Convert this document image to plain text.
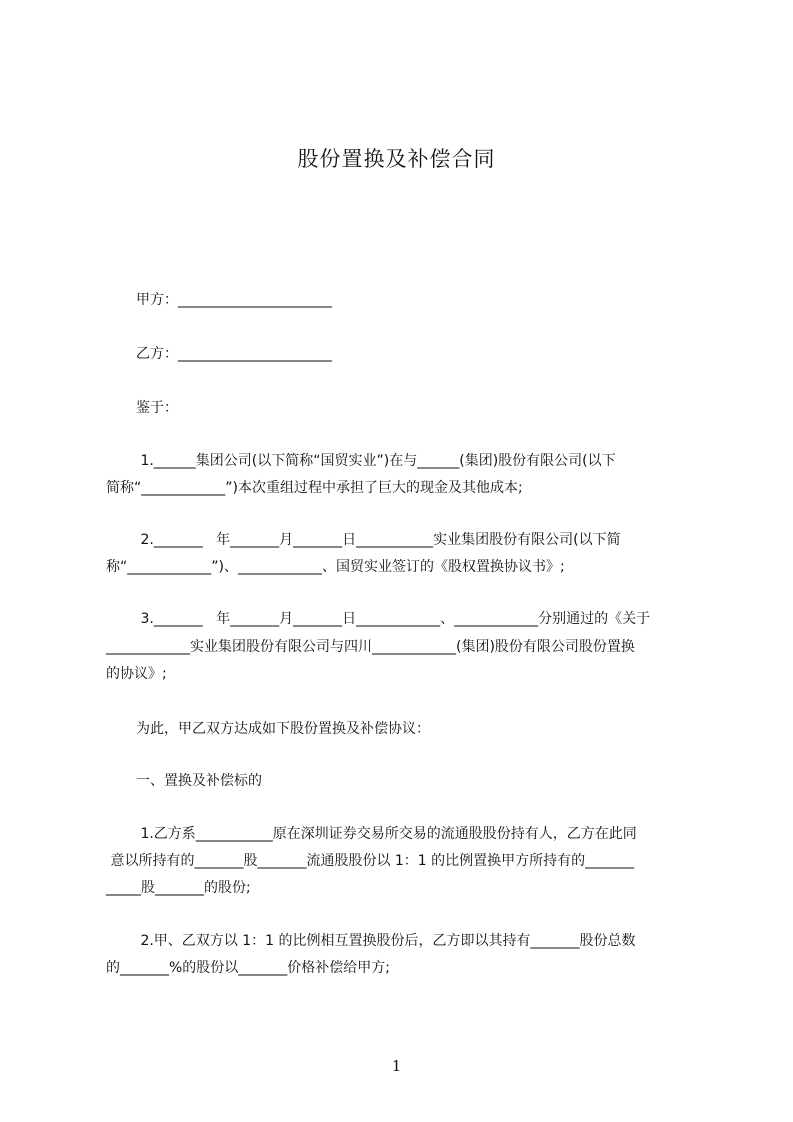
股份置换及补偿合同
甲方：______________________
乙方：______________________
鉴于：
1.______集团公司(以下简称“国贸实业”)在与______(集团)股份有限公司(以下
简称“____________”)本次重组过程中承担了巨大的现金及其他成本;
2._______   年_______月_______日___________实业集团股份有限公司(以下简
称“____________”)、____________、国贸实业签订的《股权置换协议书》;
3._______   年_______月_______日____________、____________分别通过的《关于
____________实业集团股份有限公司与四川____________(集团)股份有限公司股份置换
的协议》;
为此，甲乙双方达成如下股份置换及补偿协议：
一、置换及补偿标的
1.乙方系___________原在深圳证券交易所交易的流通股股份持有人，乙方在此同
意以所持有的_______股_______流通股股份以 1：1 的比例置换甲方所持有的_______
_____股_______的股份;
2.甲、乙双方以 1：1 的比例相互置换股份后，乙方即以其持有_______股份总数
的_______%的股份以_______价格补偿给甲方;
1
